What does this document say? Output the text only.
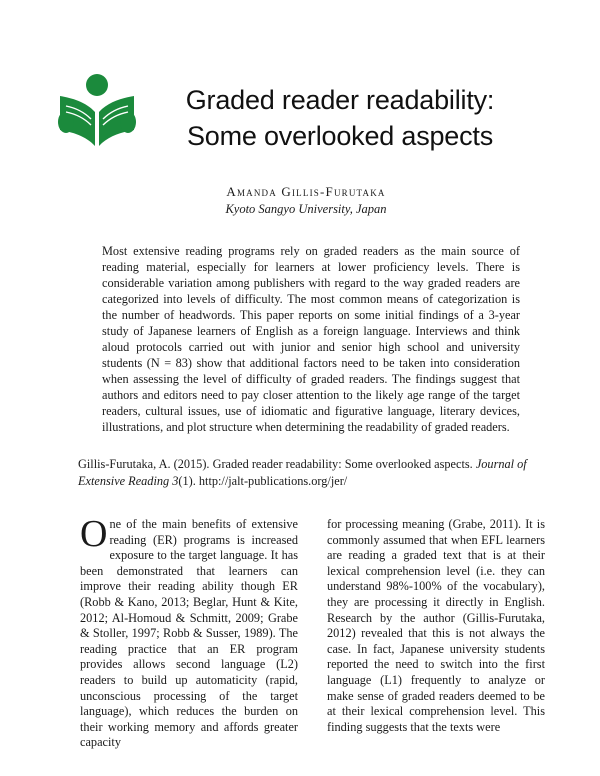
Graded reader readability:
Some overlooked aspects

Amanda Gillis-Furutaka

Kyoto Sangyo University, Japan

Most extensive reading programs rely on graded readers as the main source of reading material, especially for learners at lower proficiency levels. There is considerable variation among publishers with regard to the way graded readers are categorized into levels of difficulty. The most common means of categorization is the number of headwords. This paper reports on some initial findings of a 3-year study of Japanese learners of English as a foreign language. Interviews and think aloud protocols carried out with junior and senior high school and university students (N = 83) show that additional factors need to be taken into consideration when assessing the level of difficulty of graded readers. The findings suggest that authors and editors need to pay closer attention to the likely age range of the target readers, cultural issues, use of idiomatic and figurative language, literary devices, illustrations, and plot structure when determining the readability of graded readers.

Gillis-Furutaka, A. (2015). Graded reader readability: Some overlooked aspects. Journal of Extensive Reading 3(1). http://jalt-publications.org/jer/

One of the main benefits of extensive reading (ER) programs is increased exposure to the target language. It has been demonstrated that learners can improve their reading ability though ER (Robb & Kano, 2013; Beglar, Hunt & Kite, 2012; Al-Homoud & Schmitt, 2009; Grabe & Stoller, 1997; Robb & Susser, 1989). The reading practice that an ER program provides allows second language (L2) readers to build up automaticity (rapid, unconscious processing of the target language), which reduces the burden on their working memory and affords greater capacity

for processing meaning (Grabe, 2011). It is commonly assumed that when EFL learners are reading a graded text that is at their lexical comprehension level (i.e. they can understand 98%-100% of the vocabulary), they are processing it directly in English. Research by the author (Gillis-Furutaka, 2012) revealed that this is not always the case. In fact, Japanese university students reported the need to switch into the first language (L1) frequently to analyze or make sense of graded readers deemed to be at their lexical comprehension level. This finding suggests that the texts were
